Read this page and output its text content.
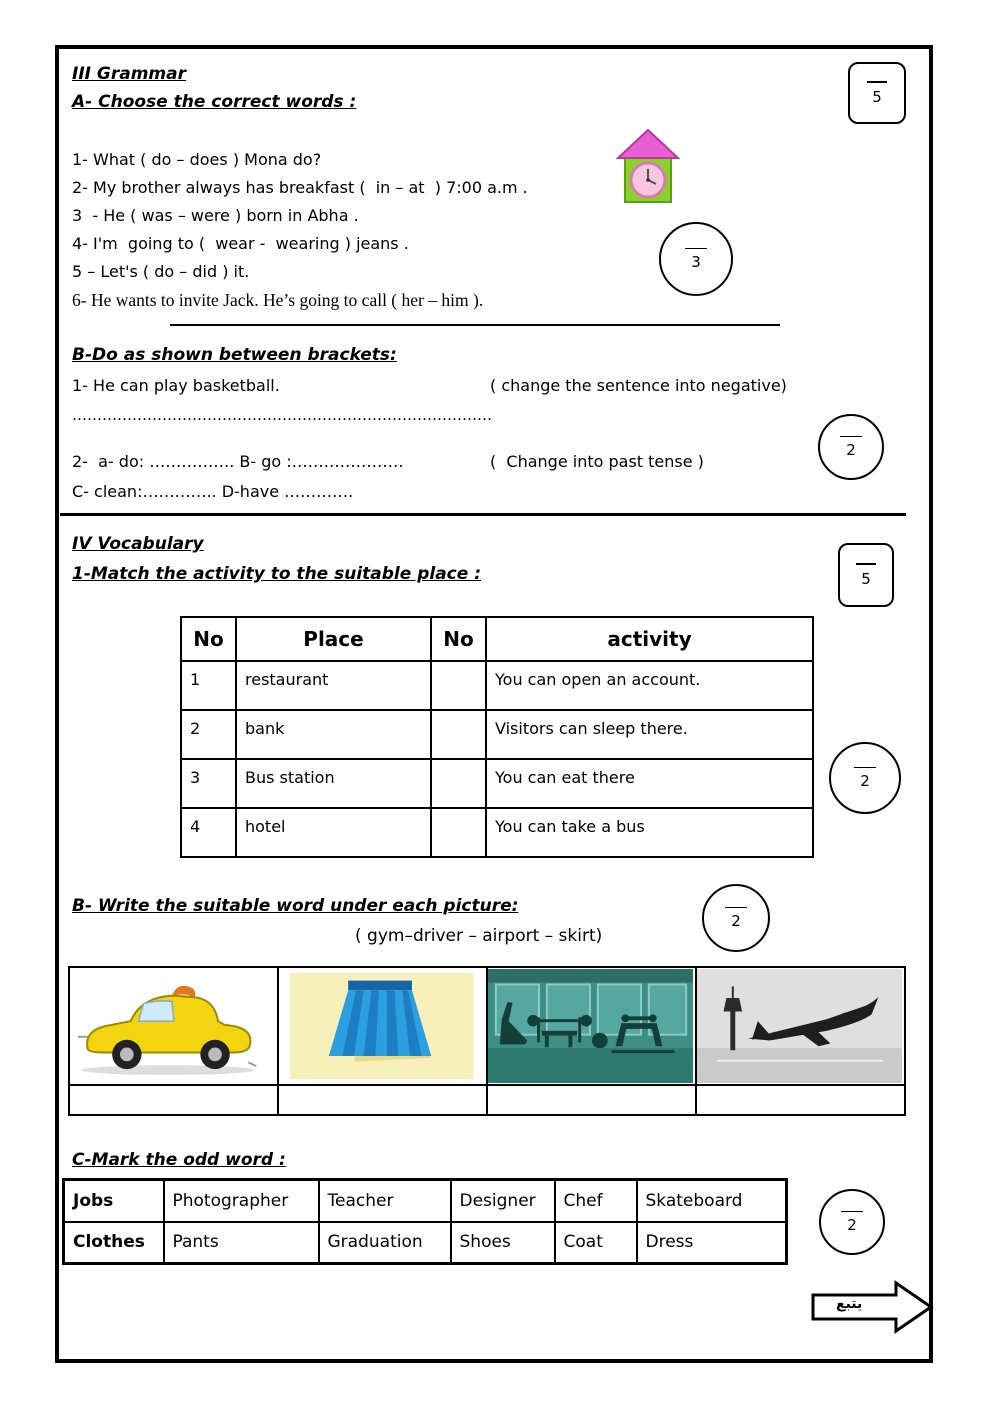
III Grammar
A- Choose the correct words :	5
1- What ( do – does ) Mona do?
2- My brother always has breakfast (  in – at  ) 7:00 a.m .
3  - He ( was – were ) born in Abha .
4- I'm  going to (  wear -  wearing ) jeans .
5 – Let's ( do – did ) it.
6- He wants to invite Jack. He’s going to call ( her – him ).
3
B-Do as shown between brackets:
1- He can play basketball.	( change the sentence into negative)
…………………………………………………………………………
2-  a- do: ……………. B- go :…………………	(  Change into past tense )
C- clean:………….. D-have ………….
2
IV Vocabulary
1-Match the activity to the suitable place :	5
No	Place	No	activity
1	restaurant		You can open an account.
2	bank		Visitors can sleep there.
3	Bus station		You can eat there
4	hotel		You can take a bus
2
B- Write the suitable word under each picture:
( gym–driver – airport – skirt)
2

C-Mark the odd word :
Jobs	Photographer	Teacher	Designer	Chef	Skateboard
Clothes	Pants	Graduation	Shoes	Coat	Dress
2
يتبع
